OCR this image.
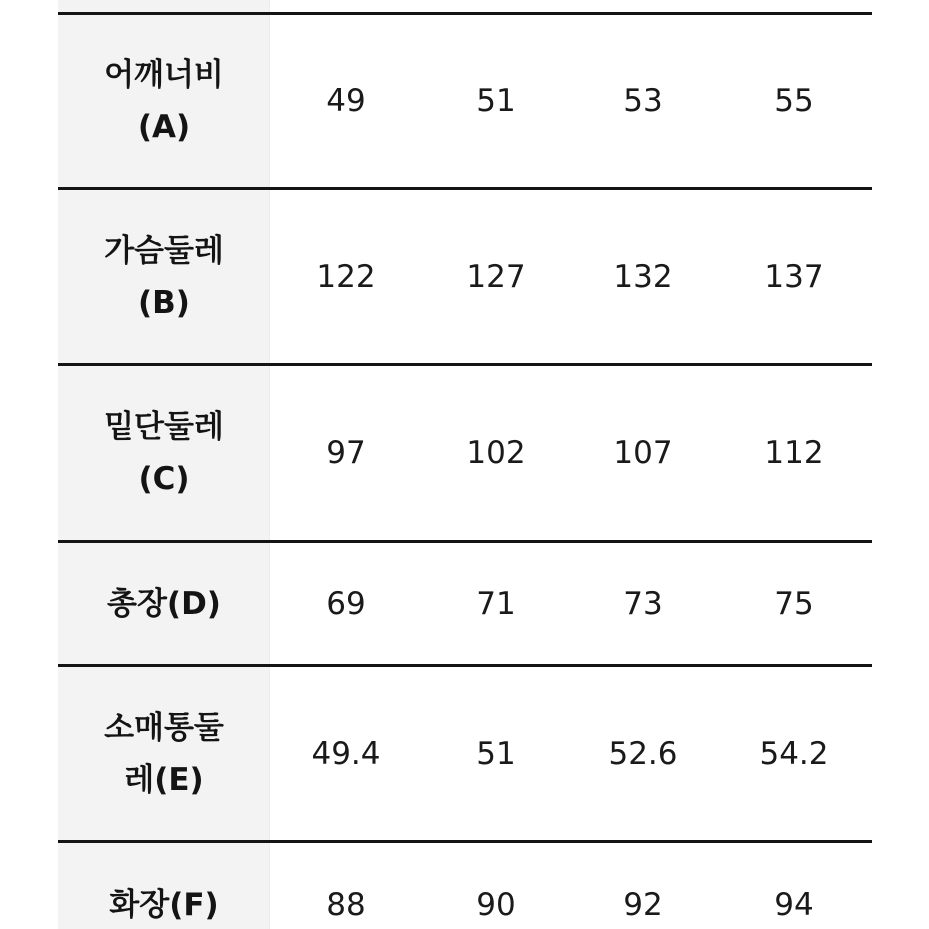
어깨너비
(A)
49	51	53	55
가슴둘레
(B)
122	127	132	137
밑단둘레
(C)
97	102	107	112
총장(D)	69	71	73	75
소매통둘
레(E)
49.4	51	52.6	54.2
화장(F)	88	90	92	94
